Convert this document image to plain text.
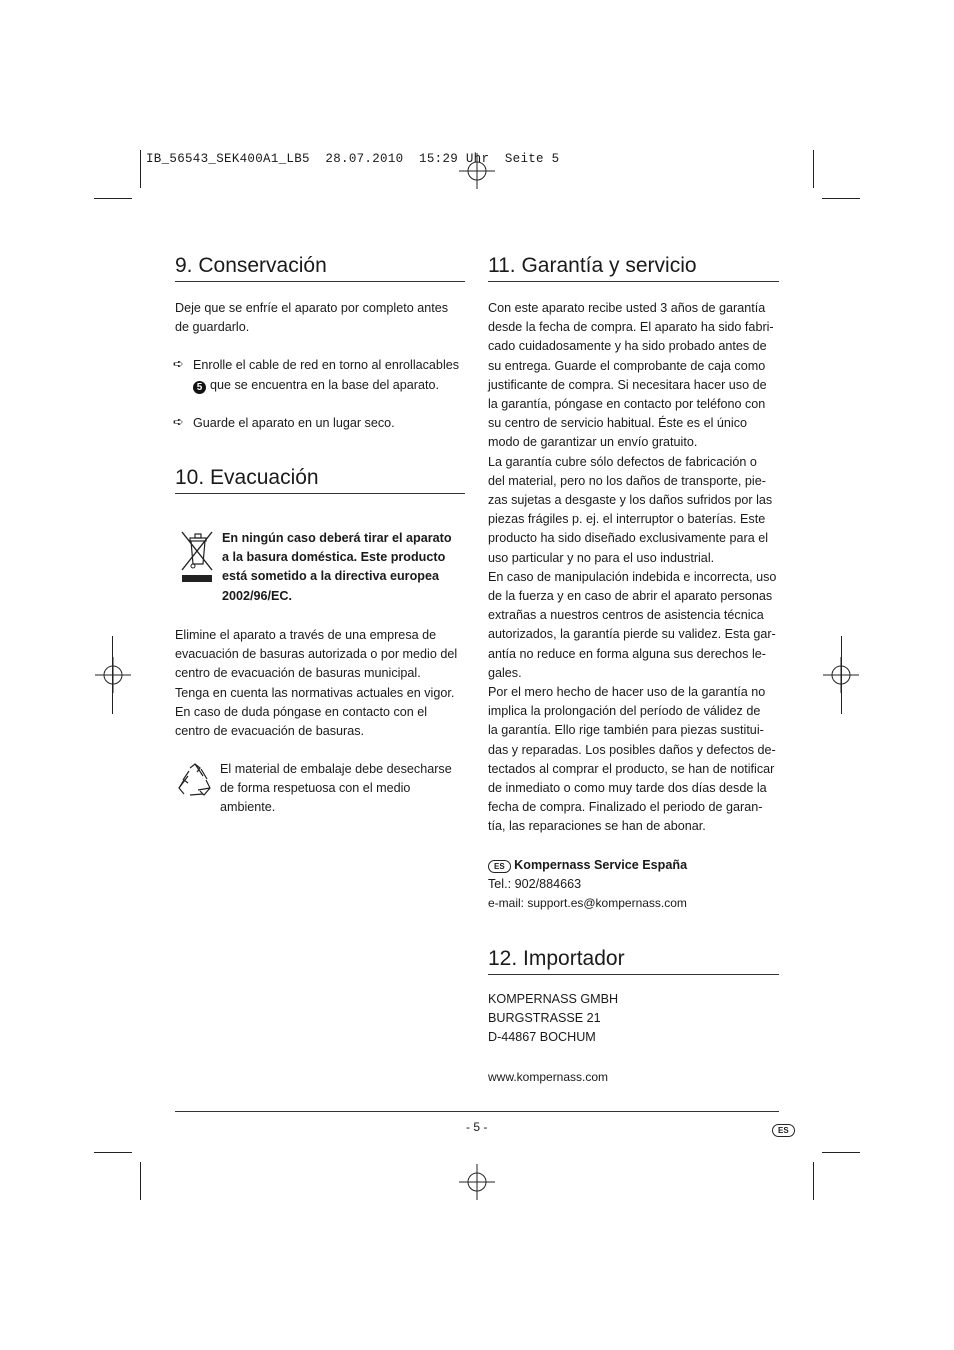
IB_56543_SEK400A1_LB5  28.07.2010  15:29 Uhr  Seite 5
9. Conservación
Deje que se enfríe el aparato por completo antes
de guardarlo.
➪ Enrolle el cable de red en torno al enrollacables
5 que se encuentra en la base del aparato.
➪ Guarde el aparato en un lugar seco.
10. Evacuación
En ningún caso deberá tirar el aparato
a la basura doméstica. Este producto
está sometido a la directiva europea
2002/96/EC.
Elimine el aparato a través de una empresa de
evacuación de basuras autorizada o por medio del
centro de evacuación de basuras municipal.
Tenga en cuenta las normativas actuales en vigor.
En caso de duda póngase en contacto con el
centro de evacuación de basuras.
El material de embalaje debe desecharse
de forma respetuosa con el medio
ambiente.
11. Garantía y servicio
Con este aparato recibe usted 3 años de garantía
desde la fecha de compra. El aparato ha sido fabri-
cado cuidadosamente y ha sido probado antes de
su entrega. Guarde el comprobante de caja como
justificante de compra. Si necesitara hacer uso de
la garantía, póngase en contacto por teléfono con
su centro de servicio habitual. Éste es el único
modo de garantizar un envío gratuito.
La garantía cubre sólo defectos de fabricación o
del material, pero no los daños de transporte, pie-
zas sujetas a desgaste y los daños sufridos por las
piezas frágiles p. ej. el interruptor o baterías. Este
producto ha sido diseñado exclusivamente para el
uso particular y no para el uso industrial.
En caso de manipulación indebida e incorrecta, uso
de la fuerza y en caso de abrir el aparato personas
extrañas a nuestros centros de asistencia técnica
autorizados, la garantía pierde su validez. Esta gar-
antía no reduce en forma alguna sus derechos le-
gales.
Por el mero hecho de hacer uso de la garantía no
implica la prolongación del período de válidez de
la garantía. Ello rige también para piezas sustitui-
das y reparadas. Los posibles daños y defectos de-
tectados al comprar el producto, se han de notificar
de inmediato o como muy tarde dos días desde la
fecha de compra. Finalizado el periodo de garan-
tía, las reparaciones se han de abonar.
ES Kompernass Service España
Tel.: 902/884663
e-mail: support.es@kompernass.com
12. Importador
KOMPERNASS GMBH
BURGSTRASSE 21
D-44867 BOCHUM
www.kompernass.com
- 5 -	ES
